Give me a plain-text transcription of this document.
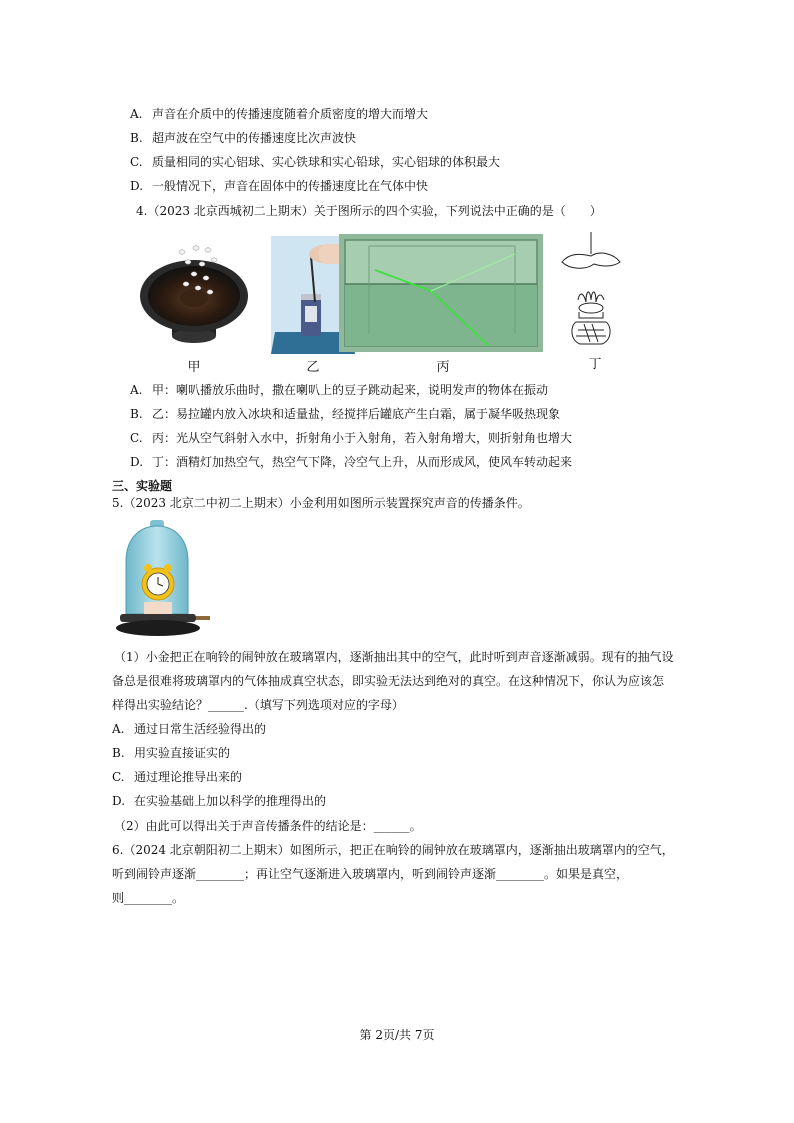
A. 声音在介质中的传播速度随着介质密度的增大而增大
B. 超声波在空气中的传播速度比次声波快
C. 质量相同的实心铝球、实心铁球和实心铅球，实心铝球的体积最大
D. 一般情况下，声音在固体中的传播速度比在气体中快
4.（2023 北京西城初二上期末）关于图所示的四个实验，下列说法中正确的是（　　）
甲	乙	丙	丁
A. 甲：喇叭播放乐曲时，撒在喇叭上的豆子跳动起来，说明发声的物体在振动
B. 乙：易拉罐内放入冰块和适量盐，经搅拌后罐底产生白霜，属于凝华吸热现象
C. 丙：光从空气斜射入水中，折射角小于入射角，若入射角增大，则折射角也增大
D. 丁：酒精灯加热空气，热空气下降，冷空气上升，从而形成风，使风车转动起来
三、实验题
5.（2023 北京二中初二上期末）小金利用如图所示装置探究声音的传播条件。
（1）小金把正在响铃的闹钟放在玻璃罩内，逐渐抽出其中的空气，此时听到声音逐渐减弱。现有的抽气设
备总是很难将玻璃罩内的气体抽成真空状态，即实验无法达到绝对的真空。在这种情况下，你认为应该怎
样得出实验结论？______.（填写下列选项对应的字母）
A. 通过日常生活经验得出的
B. 用实验直接证实的
C. 通过理论推导出来的
D. 在实验基础上加以科学的推理得出的
（2）由此可以得出关于声音传播条件的结论是：______。
6.（2024 北京朝阳初二上期末）如图所示，把正在响铃的闹钟放在玻璃罩内，逐渐抽出玻璃罩内的空气，
听到闹铃声逐渐________；再让空气逐渐进入玻璃罩内，听到闹铃声逐渐________。如果是真空，
则________。
第 2页/共 7页
